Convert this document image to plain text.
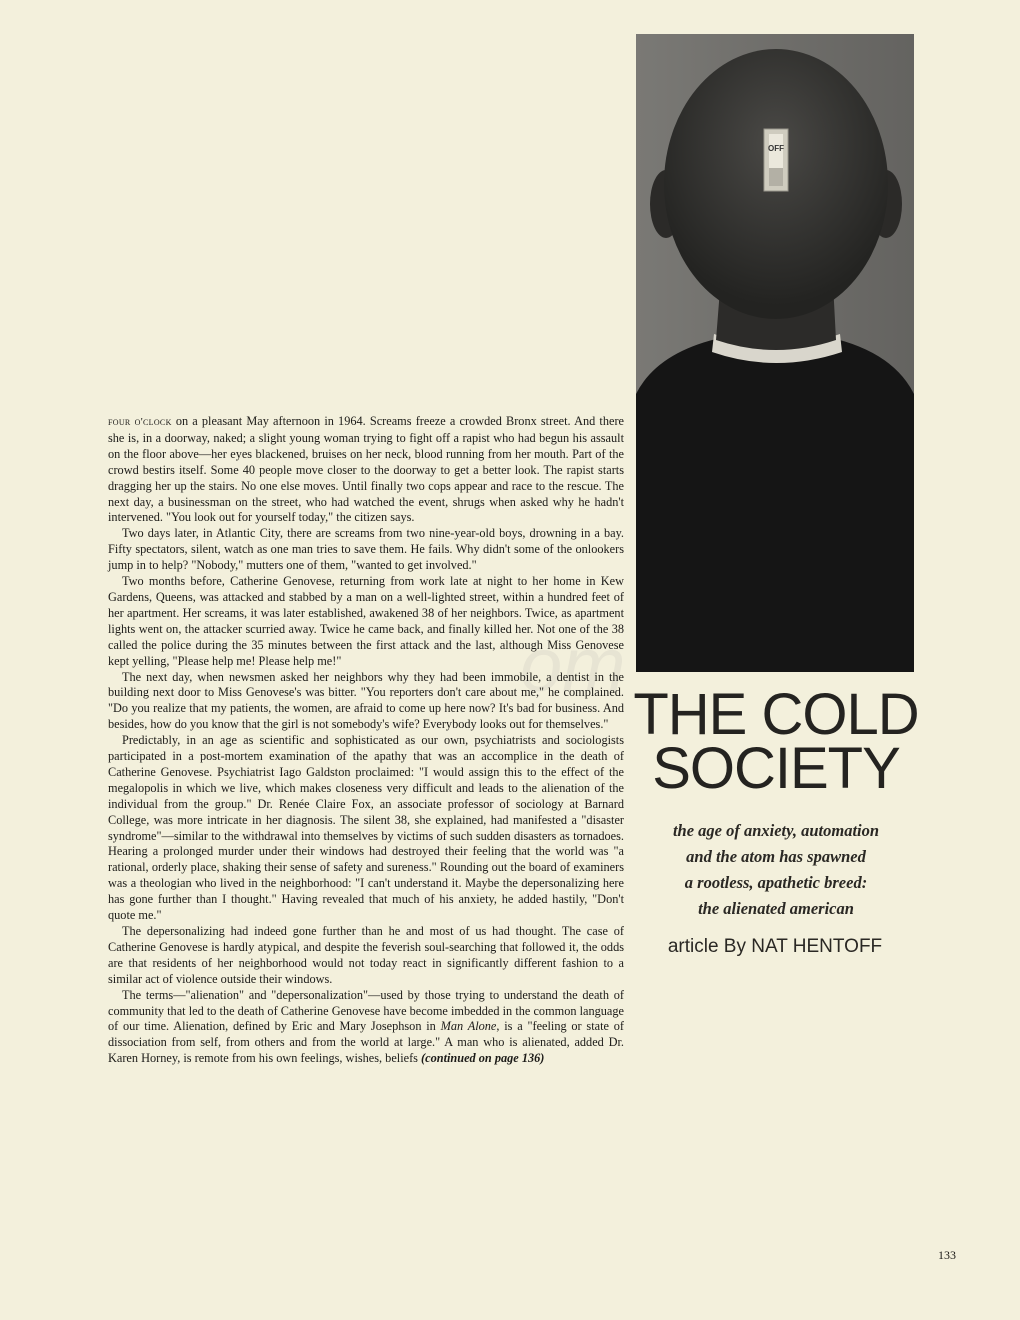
OFF
om
THE COLD
SOCIETY
the age of anxiety, automation
and the atom has spawned
a rootless, apathetic breed:
the alienated american
article By NAT HENTOFF

four o'clock on a pleasant May afternoon in 1964. Screams freeze a crowded Bronx street. And there she is, in a doorway, naked; a slight young woman trying to fight off a rapist who had begun his assault on the floor above—her eyes blackened, bruises on her neck, blood running from her mouth. Part of the crowd bestirs itself. Some 40 people move closer to the doorway to get a better look. The rapist starts dragging her up the stairs. No one else moves. Until finally two cops appear and race to the rescue. The next day, a businessman on the street, who had watched the event, shrugs when asked why he hadn't intervened. "You look out for yourself today," the citizen says.

Two days later, in Atlantic City, there are screams from two nine-year-old boys, drowning in a bay. Fifty spectators, silent, watch as one man tries to save them. He fails. Why didn't some of the onlookers jump in to help? "Nobody," mutters one of them, "wanted to get involved."

Two months before, Catherine Genovese, returning from work late at night to her home in Kew Gardens, Queens, was attacked and stabbed by a man on a well-lighted street, within a hundred feet of her apartment. Her screams, it was later established, awakened 38 of her neighbors. Twice, as apartment lights went on, the attacker scurried away. Twice he came back, and finally killed her. Not one of the 38 called the police during the 35 minutes between the first attack and the last, although Miss Genovese kept yelling, "Please help me! Please help me!"

The next day, when newsmen asked her neighbors why they had been immobile, a dentist in the building next door to Miss Genovese's was bitter. "You reporters don't care about me," he complained. "Do you realize that my patients, the women, are afraid to come up here now? It's bad for business. And besides, how do you know that the girl is not somebody's wife? Everybody looks out for themselves."

Predictably, in an age as scientific and sophisticated as our own, psychiatrists and sociologists participated in a post-mortem examination of the apathy that was an accomplice in the death of Catherine Genovese. Psychiatrist Iago Galdston proclaimed: "I would assign this to the effect of the megalopolis in which we live, which makes closeness very difficult and leads to the alienation of the individual from the group." Dr. Renée Claire Fox, an associate professor of sociology at Barnard College, was more intricate in her diagnosis. The silent 38, she explained, had manifested a "disaster syndrome"—similar to the withdrawal into themselves by victims of such sudden disasters as tornadoes. Hearing a prolonged murder under their windows had destroyed their feeling that the world was "a rational, orderly place, shaking their sense of safety and sureness." Rounding out the board of examiners was a theologian who lived in the neighborhood: "I can't understand it. Maybe the depersonalizing here has gone further than I thought." Having revealed that much of his anxiety, he added hastily, "Don't quote me."

The depersonalizing had indeed gone further than he and most of us had thought. The case of Catherine Genovese is hardly atypical, and despite the feverish soul-searching that followed it, the odds are that residents of her neighborhood would not today react in significantly different fashion to a similar act of violence outside their windows.

The terms—"alienation" and "depersonalization"—used by those trying to understand the death of community that led to the death of Catherine Genovese have become imbedded in the common language of our time. Alienation, defined by Eric and Mary Josephson in Man Alone, is a "feeling or state of dissociation from self, from others and from the world at large." A man who is alienated, added Dr. Karen Horney, is remote from his own feelings, wishes, beliefs (continued on page 136)

133
